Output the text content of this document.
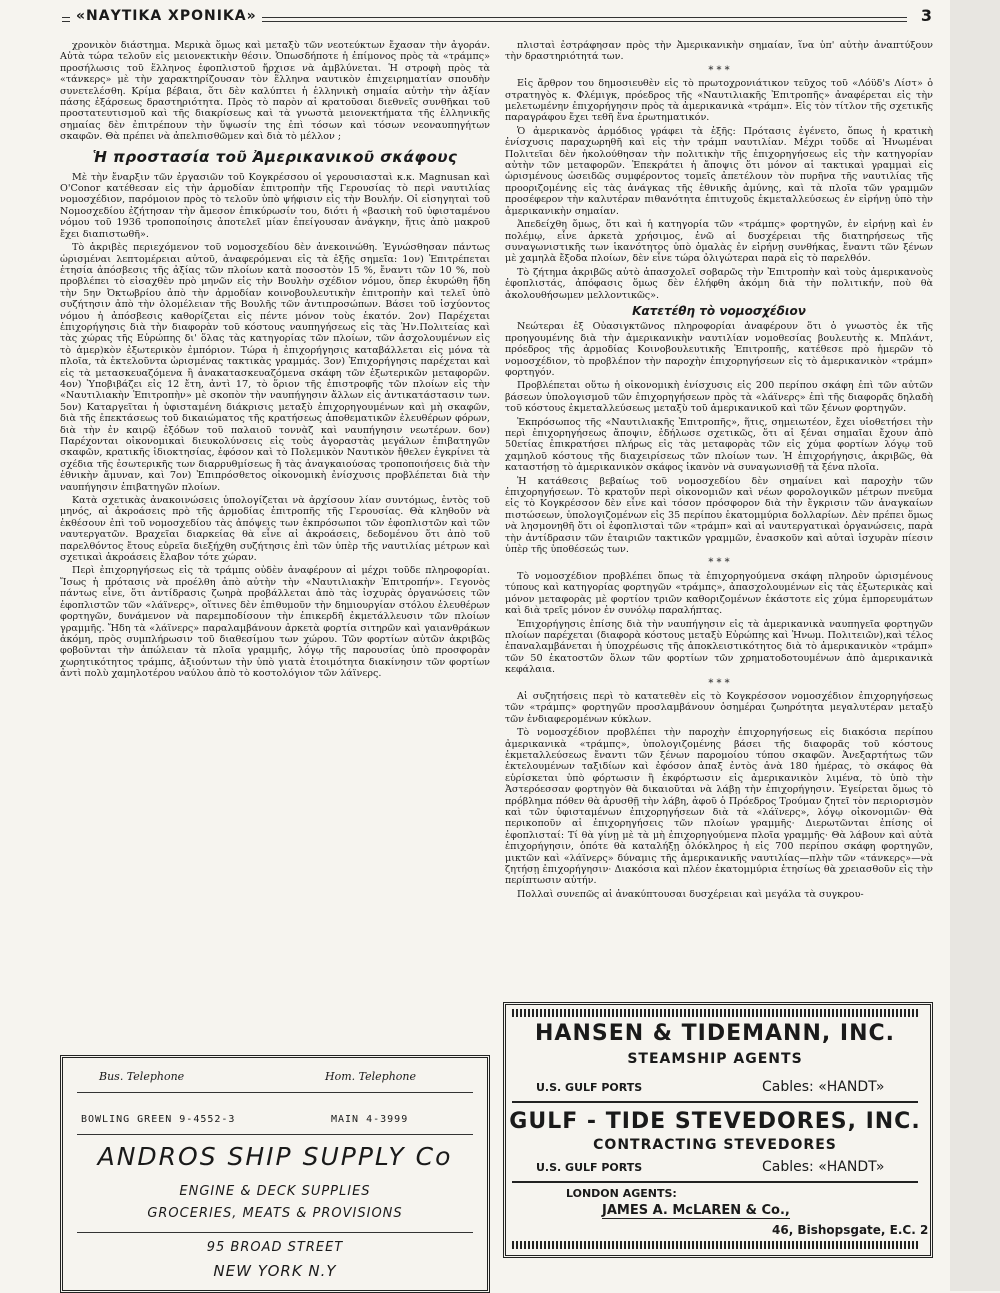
«ΝΑΥΤΙΚΑ ΧΡΟΝΙΚΑ»	3

χρονικὸν διάστημα. Μερικὰ ὅμως καὶ μεταξὺ τῶν νεοτεύκτων ἔχασαν τὴν ἀγοράν. Αὐτὰ τώρα τελοῦν εἰς μειονεκτικὴν θέσιν. Ὁπωσδήποτε ἡ ἐπίμονος πρὸς τὰ «τράμπς» προσήλωσις τοῦ ἕλληνος ἐφοπλιστοῦ ἤρχισε νὰ ἀμβλύνεται. Ἡ στροφὴ πρὸς τὰ «τάνκερς» μὲ τὴν χαρακτηρίζουσαν τὸν ἕλληνα ναυτικὸν ἐπιχειρηματίαν σπουδὴν συνετελέσθη. Κρίμα βέβαια, ὅτι δὲν καλύπτει ἡ ἑλληνικὴ σημαία αὐτὴν τὴν ἀξίαν πάσης ἐξάρσεως δραστηριότητα. Πρὸς τὸ παρὸν αἱ κρατοῦσαι διεθνεῖς συνθῆκαι τοῦ προστατευτισμοῦ καὶ τῆς διακρίσεως καὶ τὰ γνωστὰ μειονεκτήματα τῆς ἑλληνικῆς σημαίας δὲν ἐπιτρέπουν τὴν ὕψωσίν της ἐπὶ τόσων καὶ τόσων νεοναυπηγήτων σκαφῶν. Θὰ πρέπει νὰ ἀπελπισθῶμεν καὶ διὰ τὸ μέλλον ;

Ἡ προστασία τοῦ Ἀμερικανικοῦ σκάφους

Μὲ τὴν ἔναρξιν τῶν ἐργασιῶν τοῦ Κογκρέσσου οἱ γερουσιασταὶ κ.κ. Magnusan καὶ O'Conor κατέθεσαν εἰς τὴν ἁρμοδίαν ἐπιτροπὴν τῆς Γερουσίας τὸ περὶ ναυτιλίας νομοσχέδιον, παρόμοιον πρὸς τὸ τελοῦν ὑπὸ ψήφισιν εἰς τὴν Βουλήν. Οἱ εἰσηγηταὶ τοῦ Νομοσχεδίου ἐζήτησαν τὴν ἄμεσον ἐπικύρωσίν του, διότι ἡ «βασικὴ τοῦ ὑφισταμένου νόμου τοῦ 1936 τροποποίησις ἀποτελεῖ μίαν ἐπείγουσαν ἀνάγκην, ἥτις ἀπὸ μακροῦ ἔχει διαπιστωθῆ».

Τὸ ἀκριβὲς περιεχόμενον τοῦ νομοσχεδίου δὲν ἀνεκοινώθη. Ἐγνώσθησαν πάντως ὡρισμέναι λεπτομέρειαι αὐτοῦ, ἀναφερόμεναι εἰς τὰ ἑξῆς σημεῖα: 1ον) Ἐπιτρέπεται ἐτησία ἀπόσβεσις τῆς ἀξίας τῶν πλοίων κατὰ ποσοστὸν 15 %, ἔναντι τῶν 10 %, ποὺ προβλέπει τὸ εἰσαχθὲν πρὸ μηνῶν εἰς τὴν Βουλὴν σχέδιον νόμου, ὅπερ ἐκυρώθη ἤδη τὴν 5ην Ὀκτωβρίου ἀπὸ τὴν ἁρμοδίαν κοινοβουλευτικὴν ἐπιτροπὴν καὶ τελεῖ ὑπὸ συζήτησιν ἀπὸ τὴν ὁλομέλειαν τῆς Βουλῆς τῶν ἀντιπροσώπων. Βάσει τοῦ ἰσχύοντος νόμου ἡ ἀπόσβεσις καθορίζεται εἰς πέντε μόνον τοὺς ἑκατόν. 2ον) Παρέχεται ἐπιχορήγησις διὰ τὴν διαφορὰν τοῦ κόστους ναυπηγήσεως εἰς τὰς Ἡν.Πολιτείας καὶ τὰς χώρας τῆς Εὐρώπης δι' ὅλας τὰς κατηγορίας τῶν πλοίων, τῶν ἀσχολουμένων εἰς τὸ ἀμερ)κὸν ἐξωτερικὸν ἐμπόριον. Τώρα ἡ ἐπιχορήγησις καταβάλλεται εἰς μόνα τὰ πλοῖα, τὰ ἐκτελοῦντα ὡρισμένας τακτικὰς γραμμάς. 3ον) Ἐπιχορήγησις παρέχεται καὶ εἰς τὰ μετασκευαζόμενα ἢ ἀνακατασκευαζόμενα σκάφη τῶν ἐξωτερικῶν μεταφορῶν. 4ον) Ὑποβιβάζει εἰς 12 ἔτη, ἀντὶ 17, τὸ ὅριον τῆς ἐπιστροφῆς τῶν πλοίων εἰς τὴν «Ναυτιλιακὴν Ἐπιτροπὴν» μὲ σκοπὸν τὴν ναυπήγησιν ἄλλων εἰς ἀντικατάστασιν των. 5ον) Καταργεῖται ἡ ὑφισταμένη διάκρισις μεταξὺ ἐπιχορηγουμένων καὶ μὴ σκαφῶν, διὰ τῆς ἐπεκτάσεως τοῦ δικαιώματος τῆς κρατήσεως ἀποθεματικῶν ἐλευθέρων φόρων, διὰ τὴν ἐν καιρῷ ἐξόδων τοῦ παλαιοῦ τοννὰζ καὶ ναυπήγησιν νεωτέρων. 6ον) Παρέχονται οἰκονομικαὶ διευκολύνσεις εἰς τοὺς ἀγοραστὰς μεγάλων ἐπιβατηγῶν σκαφῶν, κρατικῆς ἰδιοκτησίας, ἐφόσον καὶ τὸ Πολεμικὸν Ναυτικὸν ἤθελεν ἐγκρίνει τὰ σχέδια τῆς ἐσωτερικῆς των διαρρυθμίσεως ἢ τὰς ἀναγκαιούσας τροποποιήσεις διὰ τὴν ἐθνικὴν ἄμυναν, καὶ 7ον) Ἐπιπρόσθετος οἰκονομικὴ ἐνίσχυσις προβλέπεται διὰ τὴν ναυπήγησιν ἐπιβατηγῶν πλοίων.

Κατὰ σχετικὰς ἀνακοινώσεις ὑπολογίζεται νὰ ἀρχίσουν λίαν συντόμως, ἐντὸς τοῦ μηνός, αἱ ἀκροάσεις πρὸ τῆς ἁρμοδίας ἐπιτροπῆς τῆς Γερουσίας. Θὰ κληθοῦν νὰ ἐκθέσουν ἐπὶ τοῦ νομοσχεδίου τὰς ἀπόψεις των ἐκπρόσωποι τῶν ἐφοπλιστῶν καὶ τῶν ναυτεργατῶν. Βραχεῖαι διαρκείας θὰ εἶνε αἱ ἀκροάσεις, δεδομένου ὅτι ἀπὸ τοῦ παρελθόντος ἔτους εὐρεῖα διεξήχθη συζήτησις ἐπὶ τῶν ὑπὲρ τῆς ναυτιλίας μέτρων καὶ σχετικαὶ ἀκροάσεις ἔλαβον τότε χώραν.

Περὶ ἐπιχορηγήσεως εἰς τὰ τράμπς οὐδὲν ἀναφέρουν αἱ μέχρι τοῦδε πληροφορίαι. Ἴσως ἡ πρότασις νὰ προέλθη ἀπὸ αὐτὴν τὴν «Ναυτιλιακὴν Ἐπιτροπήν». Γεγονὸς πάντως εἶνε, ὅτι ἀντίδρασις ζωηρὰ προβάλλεται ἀπὸ τὰς ἰσχυρὰς ὀργανώσεις τῶν ἐφοπλιστῶν τῶν «λάϊνερς», οἵτινες δὲν ἐπιθυμοῦν τὴν δημιουργίαν στόλου ἐλευθέρων φορτηγῶν, δυνάμενον νὰ παρεμποδίσουν τὴν ἐπικερδῆ ἐκμετάλλευσιν τῶν πλοίων γραμμῆς. Ἤδη τὰ «λάϊνερς» παραλαμβάνουν ἀρκετὰ φορτία σιτηρῶν καὶ γαιανθράκων ἀκόμη, πρὸς συμπλήρωσιν τοῦ διαθεσίμου των χώρου. Τῶν φορτίων αὐτῶν ἀκριβῶς φοβοῦνται τὴν ἀπώλειαν τὰ πλοῖα γραμμῆς, λόγῳ τῆς παρουσίας ὑπὸ προσφορὰν χωρητικότητος τράμπς, ἀξιούντων τὴν ὑπὸ γιατὰ ἐτοιμότητα διακίνησιν τῶν φορτίων ἀντὶ πολὺ χαμηλοτέρου ναύλου ἀπὸ τὸ κοστολόγιον τῶν λάϊνερς.

πλισταὶ ἐστράφησαν πρὸς τὴν Ἀμερικανικὴν σημαίαν, ἵνα ὑπ' αὐτὴν ἀναπτύξουν τὴν δραστηριότητά των.

* * *

Εἰς ἄρθρον του δημοσιευθὲν εἰς τὸ πρωτοχρονιάτικον τεῦχος τοῦ «Λόϋδ's Λίστ» ὁ στρατηγὸς κ. Φλέμιγκ, πρόεδρος τῆς «Ναυτιλιακῆς Ἐπιτροπῆς» ἀναφέρεται εἰς τὴν μελετωμένην ἐπιχορήγησιν πρὸς τὰ ἀμερικανικὰ «τράμπ». Εἰς τὸν τίτλον τῆς σχετικῆς παραγράφου ἔχει τεθῆ ἕνα ἐρωτηματικόν.

Ὁ ἀμερικανὸς ἁρμόδιος γράφει τὰ ἑξῆς: Πρότασις ἐγένετο, ὅπως ἡ κρατικὴ ἐνίσχυσις παραχωρηθῆ καὶ εἰς τὴν τράμπ ναυτιλίαν. Μέχρι τοῦδε αἱ Ἡνωμέναι Πολιτεῖαι δὲν ἠκολούθησαν τὴν πολιτικὴν τῆς ἐπιχορηγήσεως εἰς τὴν κατηγορίαν αὐτὴν τῶν μεταφορῶν. Ἐπεκράτει ἡ ἄποψις ὅτι μόνον αἱ τακτικαὶ γραμμαὶ εἰς ὡρισμένους ὠσειδῶς συμφέροντος τομεῖς ἀπετέλουν τὸν πυρῆνα τῆς ναυτιλίας τῆς προοριζομένης εἰς τὰς ἀνάγκας τῆς ἐθνικῆς ἀμύνης, καὶ τὰ πλοῖα τῶν γραμμῶν προσέφερον τὴν καλυτέραν πιθανότητα ἐπιτυχοῦς ἐκμεταλλεύσεως ἐν εἰρήνῃ ὑπὸ τὴν ἀμερικανικὴν σημαίαν.

Ἀπεδείχθη ὅμως, ὅτι καὶ ἡ κατηγορία τῶν «τράμπς» φορτηγῶν, ἐν εἰρήνῃ καὶ ἐν πολέμῳ, εἶνε ἀρκετὰ χρήσιμος, ἐνῶ αἱ δυσχέρειαι τῆς διατηρήσεως τῆς συναγωνιστικῆς των ἱκανότητος ὑπὸ ὁμαλὰς ἐν εἰρήνῃ συνθήκας, ἔναντι τῶν ξένων μὲ χαμηλὰ ἔξοδα πλοίων, δὲν εἶνε τώρα ὀλιγώτεραι παρὰ εἰς τὸ παρελθόν.

Τὸ ζήτημα ἀκριβῶς αὐτὸ ἀπασχολεῖ σοβαρῶς τὴν Ἐπιτροπὴν καὶ τοὺς ἀμερικανοὺς ἐφοπλιστάς, ἀπόφασις ὅμως δὲν ἐλήφθη ἀκόμη διὰ τὴν πολιτικήν, ποὺ θὰ ἀκολουθήσωμεν μελλοντικῶς».

Κατετέθη τὸ νομοσχέδιον

Νεώτεραι ἐξ Οὐασιγκτῶνος πληροφορίαι ἀναφέρουν ὅτι ὁ γνωστὸς ἐκ τῆς προηγουμένης διὰ τὴν ἀμερικανικὴν ναυτιλίαν νομοθεσίας βουλευτὴς κ. Μπλάντ, πρόεδρος τῆς ἁρμοδίας Κοινοβουλευτικῆς Ἐπιτροπῆς, κατέθεσε πρὸ ἡμερῶν τὸ νομοσχέδιον, τὸ προβλέπον τὴν παροχὴν ἐπιχορηγήσεων εἰς τὸ ἀμερικανικὸν «τράμπ» φορτηγόν.

Προβλέπεται οὕτω ἡ οἰκονομικὴ ἐνίσχυσις εἰς 200 περίπου σκάφη ἐπὶ τῶν αὐτῶν βάσεων ὑπολογισμοῦ τῶν ἐπιχορηγήσεων πρὸς τὰ «λάϊνερς» ἐπὶ τῆς διαφορᾶς δηλαδὴ τοῦ κόστους ἐκμεταλλεύσεως μεταξὺ τοῦ ἀμερικανικοῦ καὶ τῶν ξένων φορτηγῶν.

Ἐκπρόσωπος τῆς «Ναυτιλιακῆς Ἐπιτροπῆς», ἥτις, σημειωτέον, ἔχει υἱοθετήσει τὴν περὶ ἐπιχορηγήσεως ἄποψιν, ἐδήλωσε σχετικῶς, ὅτι αἱ ξέναι σημαῖαι ἔχουν ἀπὸ 50ετίας ἐπικρατήσει πλήρως εἰς τὰς μεταφορὰς τῶν εἰς χύμα φορτίων λόγῳ τοῦ χαμηλοῦ κόστους τῆς διαχειρίσεως τῶν πλοίων των. Ἡ ἐπιχορήγησις, ἀκριβῶς, θὰ καταστήσῃ τὸ ἀμερικανικὸν σκάφος ἱκανὸν νὰ συναγωνισθῇ τὰ ξένα πλοῖα.

Ἡ κατάθεσις βεβαίως τοῦ νομοσχεδίου δὲν σημαίνει καὶ παροχὴν τῶν ἐπιχορηγήσεων. Τὸ κρατοῦν περὶ οἰκονομιῶν καὶ νέων φορολογικῶν μέτρων πνεῦμα εἰς τὸ Κογκρέσσον δὲν εἶνε καὶ τόσον πρόσφορον διὰ τὴν ἔγκρισιν τῶν ἀναγκαίων πιστώσεων, ὑπολογιζομένων εἰς 35 περίπου ἑκατομμύρια δολλαρίων. Δὲν πρέπει ὅμως νὰ λησμονηθῆ ὅτι οἱ ἐφοπλισταὶ τῶν «τράμπ» καὶ αἱ ναυτεργατικαὶ ὀργανώσεις, παρὰ τὴν ἀντίδρασιν τῶν ἑταιριῶν τακτικῶν γραμμῶν, ἐνασκοῦν καὶ αὐταὶ ἰσχυρὰν πίεσιν ὑπὲρ τῆς ὑποθέσεώς των.

* * *

Τὸ νομοσχέδιον προβλέπει ὅπως τὰ ἐπιχορηγούμενα σκάφη πληροῦν ὡρισμένους τύπους καὶ κατηγορίας φορτηγῶν «τράμπς», ἀπασχολουμένων εἰς τὰς ἐξωτερικὰς καὶ μόνον μεταφορὰς μὲ φορτίον τριῶν καθοριζομένων ἑκάστοτε εἰς χύμα ἐμπορευμάτων καὶ διὰ τρεῖς μόνον ἐν συνόλῳ παραλήπτας.

Ἐπιχορήγησις ἐπίσης διὰ τὴν ναυπήγησιν εἰς τὰ ἀμερικανικὰ ναυπηγεῖα φορτηγῶν πλοίων παρέχεται (διαφορὰ κόστους μεταξὺ Εὐρώπης καὶ Ἡνωμ. Πολιτειῶν),καὶ τέλος ἐπαναλαμβάνεται ἡ ὑποχρέωσις τῆς ἀποκλειστικότητος διὰ τὸ ἀμερικανικὸν «τράμπ» τῶν 50 ἑκατοστῶν ὅλων τῶν φορτίων τῶν χρηματοδοτουμένων ἀπὸ ἀμερικανικὰ κεφάλαια.

* * *

Αἱ συζητήσεις περὶ τὸ κατατεθὲν εἰς τὸ Κογκρέσσον νομοσχέδιον ἐπιχορηγήσεως τῶν «τράμπς» φορτηγῶν προσλαμβάνουν ὁσημέραι ζωηρότητα μεγαλυτέραν μεταξὺ τῶν ἐνδιαφερομένων κύκλων.

Τὸ νομοσχέδιον προβλέπει τὴν παροχὴν ἐπιχορηγήσεως εἰς διακόσια περίπου ἀμερικανικὰ «τράμπς», ὑπολογιζομένης βάσει τῆς διαφορᾶς τοῦ κόστους ἐκμεταλλεύσεως ἔναντι τῶν ξένων παρομοίου τύπου σκαφῶν. Ἀνεξαρτήτως τῶν ἐκτελουμένων ταξιδίων καὶ ἐφόσον ἀπαξ ἐντὸς ἀνὰ 180 ἡμέρας, τὸ σκάφος θὰ εὑρίσκεται ὑπὸ φόρτωσιν ἢ ἐκφόρτωσιν εἰς ἀμερικανικὸν λιμένα, τὸ ὑπὸ τὴν Ἀστερόεσσαν φορτηγὸν θὰ δικαιοῦται νὰ λάβῃ τὴν ἐπιχορήγησιν. Ἐγείρεται ὅμως τὸ πρόβλημα πόθεν θὰ ἀρυσθῇ τὴν λάβη, ἀφοῦ ὁ Πρόεδρος Τρούμαν ζητεῖ τὸν περιορισμὸν καὶ τῶν ὑφισταμένων ἐπιχορηγήσεων διὰ τὰ «λάϊνερς», λόγῳ οἰκονομιῶν· Θὰ περικοποῦν αἱ ἐπιχορηγήσεις τῶν πλοίων γραμμῆς· Διερωτῶνται ἐπίσης οἱ ἐφοπλισταί: Τί θὰ γίνῃ μὲ τὰ μὴ ἐπιχορηγούμενα πλοῖα γραμμῆς· Θὰ λάβουν καὶ αὐτὰ ἐπιχορήγησιν, ὁπότε θὰ καταλήξῃ ὁλόκληρος ἡ εἰς 700 περίπου σκάφη φορτηγῶν, μικτῶν καὶ «λάϊνερς» δύναμις τῆς ἀμερικανικῆς ναυτιλίας—πλὴν τῶν «τάνκερς»—νὰ ζητήσῃ ἐπιχορήγησιν· Διακόσια καὶ πλέον ἑκατομμύρια ἐτησίως θὰ χρειασθοῦν εἰς τὴν περίπτωσιν αὐτήν.

Πολλαὶ συνεπῶς αἱ ἀνακύπτουσαι δυσχέρειαι καὶ μεγάλα τὰ συγκρου-

Bus. Telephone	Hom. Telephone
BOWLING GREEN 9-4552-3	MAIN 4-3999
ANDROS SHIP SUPPLY Co
ENGINE & DECK SUPPLIES
GROCERIES, MEATS & PROVISIONS
95 BROAD STREET
NEW YORK N.Y
HANSEN & TIDEMANN, INC.
STEAMSHIP AGENTS
U.S. GULF PORTS	Cables: «HANDT»
GULF - TIDE STEVEDORES, INC.
CONTRACTING STEVEDORES
U.S. GULF PORTS	Cables: «HANDT»
LONDON AGENTS:
JAMES A. McLAREN & Co.,
46, Bishopsgate, E.C. 2
